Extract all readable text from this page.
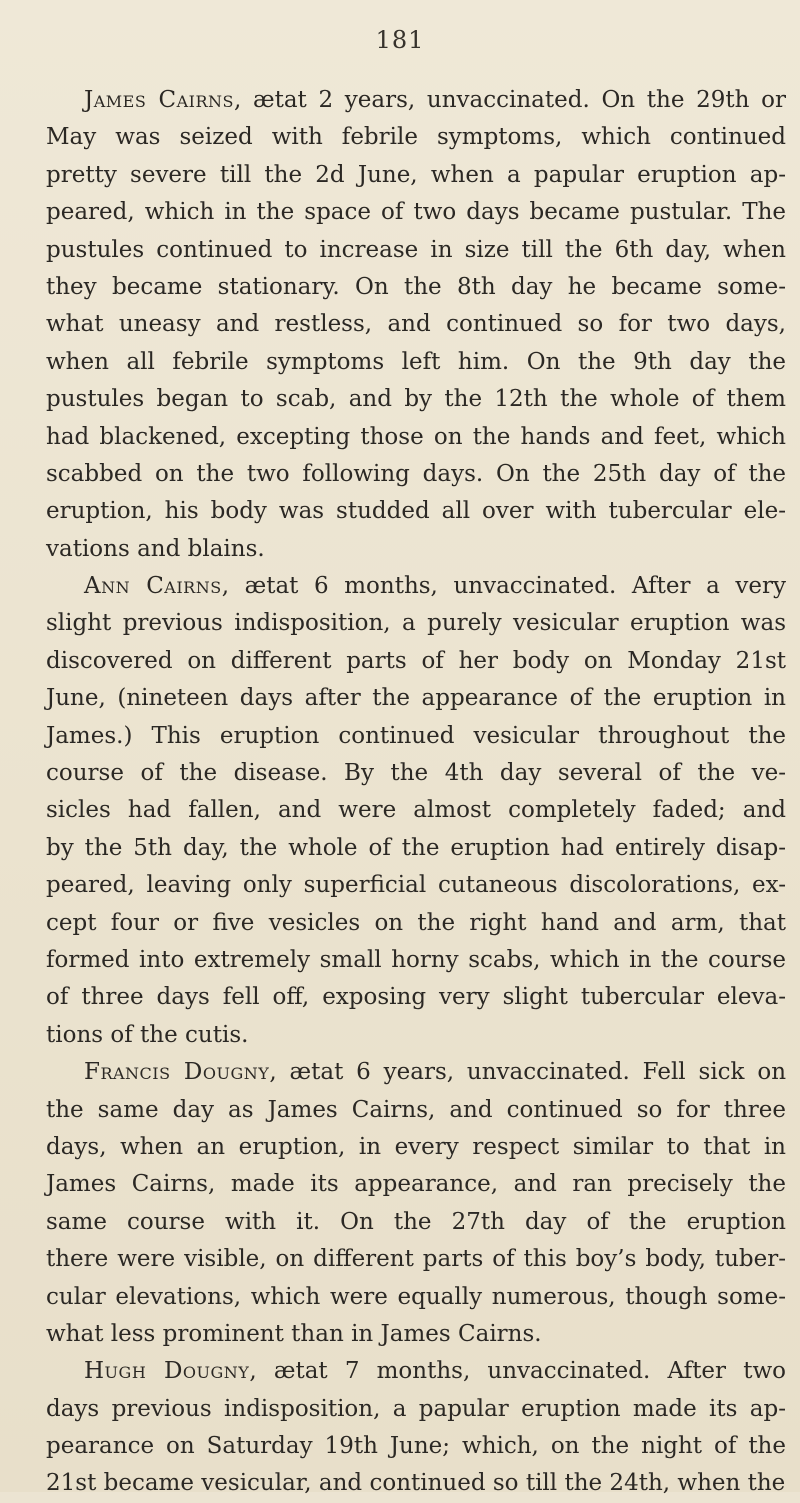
181
James Cairns, ætat 2 years, unvaccinated. On the 29th or
May was seized with febrile symptoms, which continued
pretty severe till the 2d June, when a papular eruption ap-
peared, which in the space of two days became pustular. The
pustules continued to increase in size till the 6th day, when
they became stationary. On the 8th day he became some-
what uneasy and restless, and continued so for two days,
when all febrile symptoms left him. On the 9th day the
pustules began to scab, and by the 12th the whole of them
had blackened, excepting those on the hands and feet, which
scabbed on the two following days. On the 25th day of the
eruption, his body was studded all over with tubercular ele-
vations and blains.
Ann Cairns, ætat 6 months, unvaccinated. After a very
slight previous indisposition, a purely vesicular eruption was
discovered on different parts of her body on Monday 21st
June, (nineteen days after the appearance of the eruption in
James.) This eruption continued vesicular throughout the
course of the disease. By the 4th day several of the ve-
sicles had fallen, and were almost completely faded; and
by the 5th day, the whole of the eruption had entirely disap-
peared, leaving only superficial cutaneous discolorations, ex-
cept four or five vesicles on the right hand and arm, that
formed into extremely small horny scabs, which in the course
of three days fell off, exposing very slight tubercular eleva-
tions of the cutis.
Francis Dougny, ætat 6 years, unvaccinated. Fell sick on
the same day as James Cairns, and continued so for three
days, when an eruption, in every respect similar to that in
James Cairns, made its appearance, and ran precisely the
same course with it. On the 27th day of the eruption
there were visible, on different parts of this boy’s body, tuber-
cular elevations, which were equally numerous, though some-
what less prominent than in James Cairns.
Hugh Dougny, ætat 7 months, unvaccinated. After two
days previous indisposition, a papular eruption made its ap-
pearance on Saturday 19th June; which, on the night of the
21st became vesicular, and continued so till the 24th, when the
